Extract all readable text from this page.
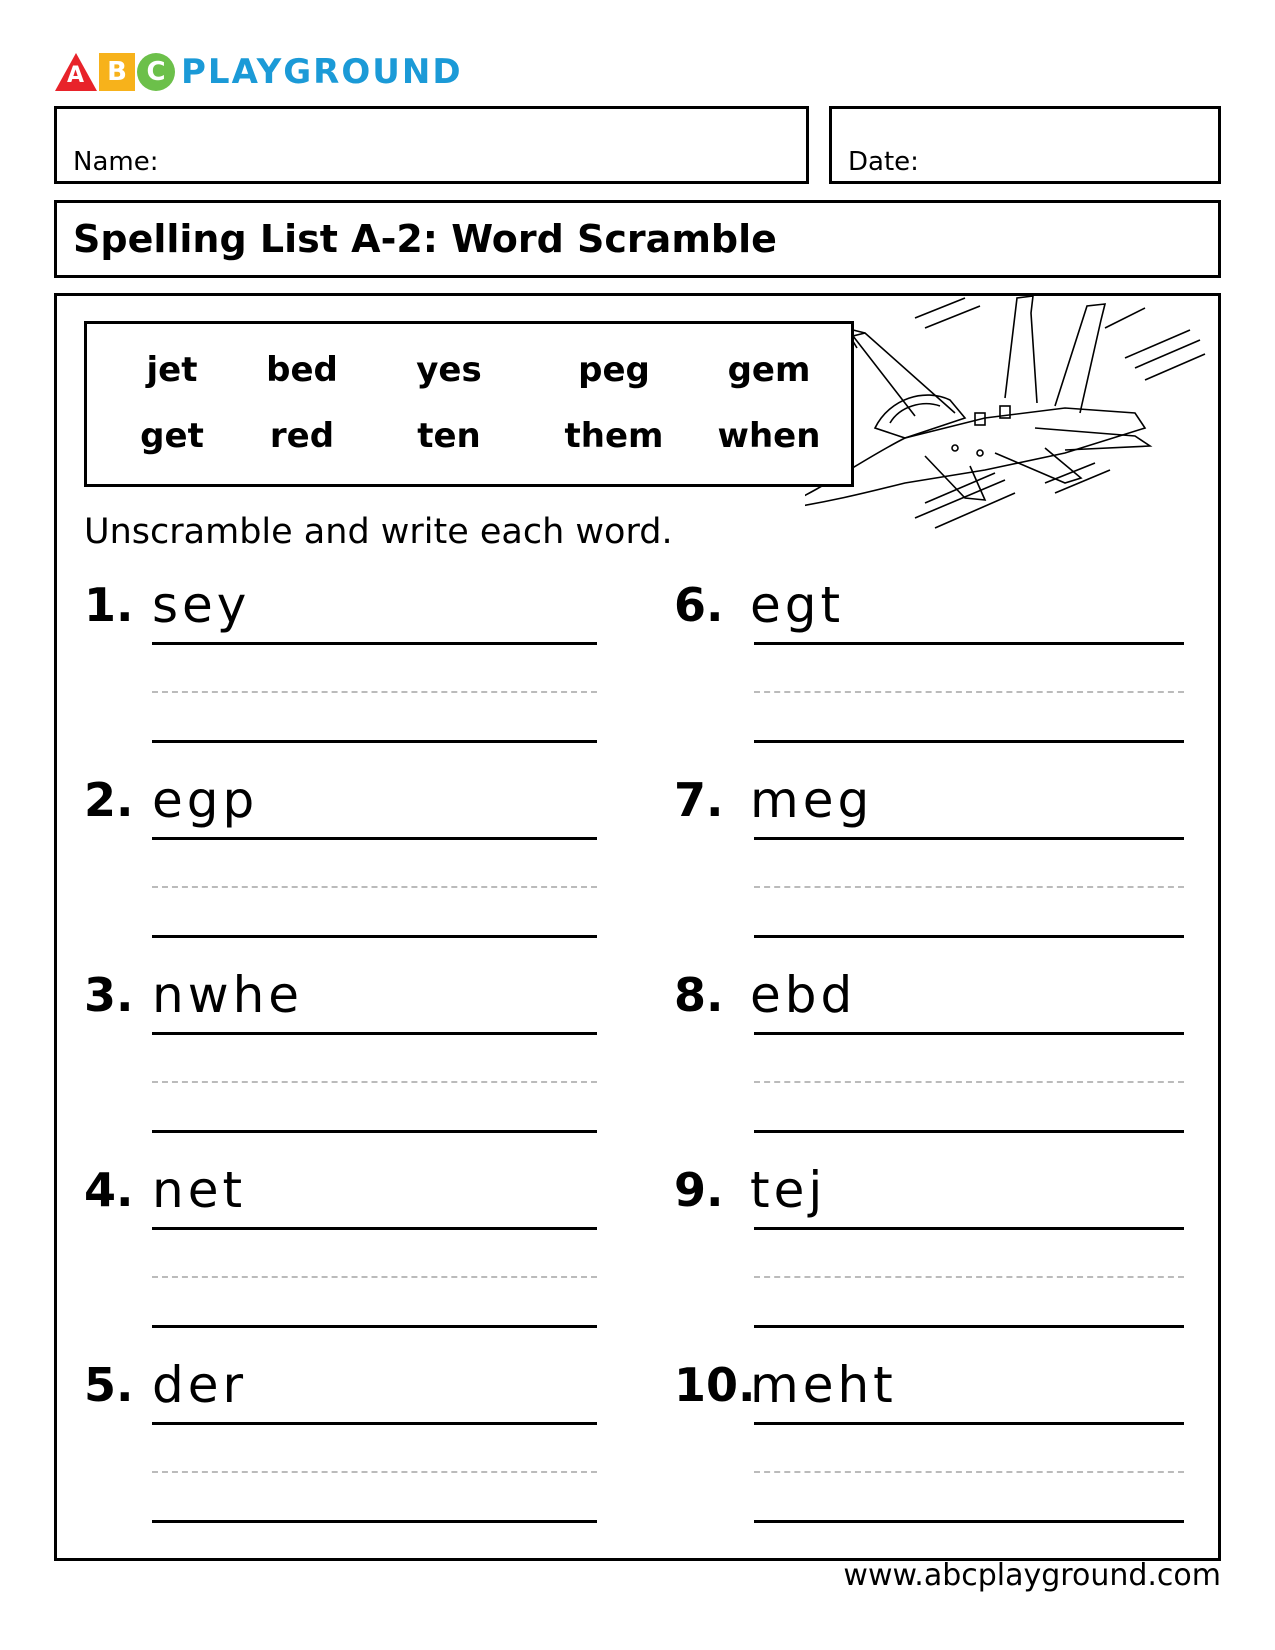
A B C PLAYGROUND
Name:	Date:
Spelling List A-2: Word Scramble
jet	bed	yes	peg	gem
get	red	ten	them	when
Unscramble and write each word.
1. sey
2. egp
3. nwhe
4. net
5. der
6. egt
7. meg
8. ebd
9. tej
10.
meht
www.abcplayground.com
